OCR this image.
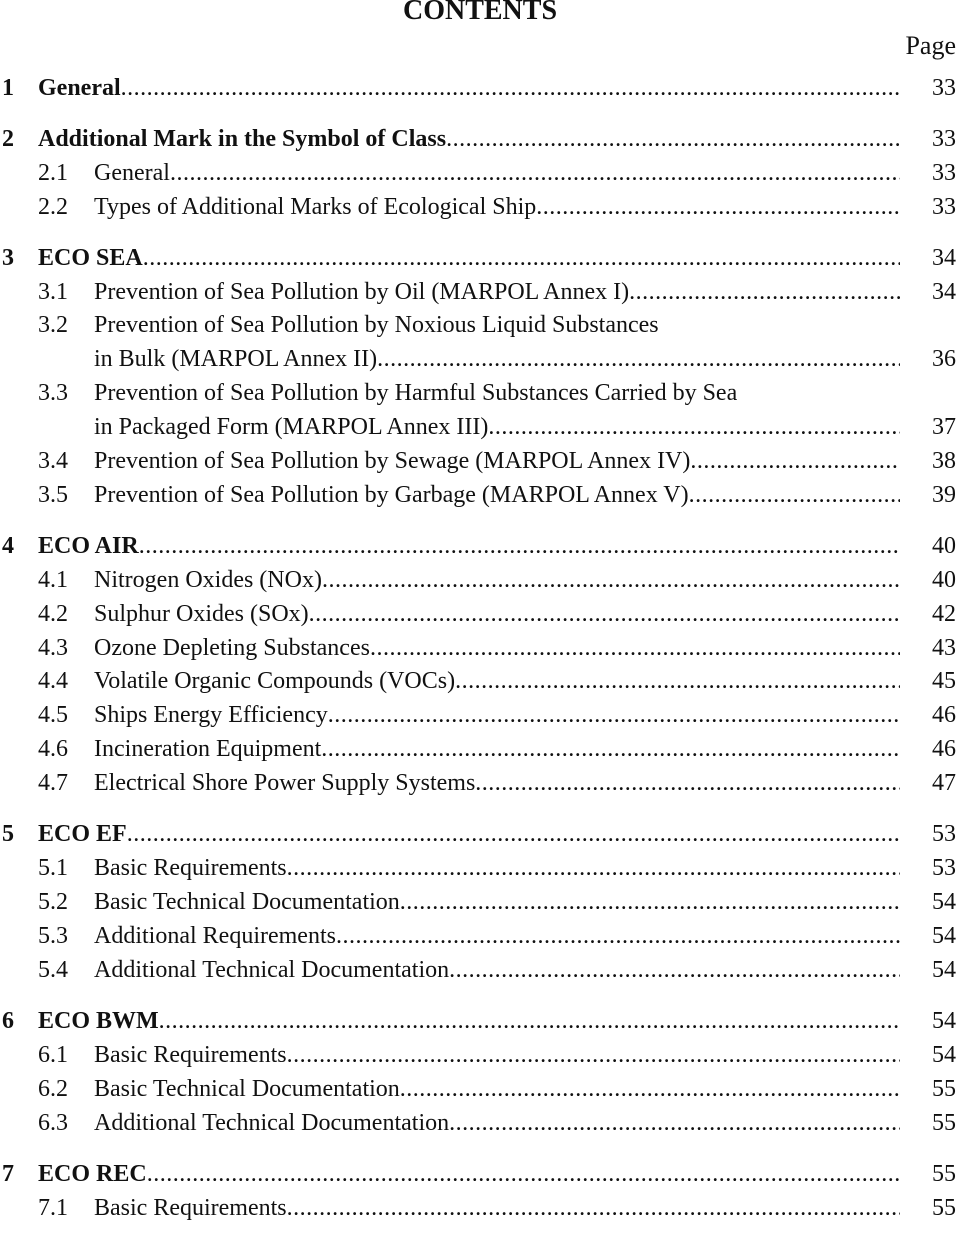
CONTENTS
Page
1 General .....	33
2 Additional Mark in the Symbol of Class .....	33
2.1 General .....	33
2.2 Types of Additional Marks of Ecological Ship .....	33
3 ECO SEA .....	34
3.1 Prevention of Sea Pollution by Oil (MARPOL Annex I) .....	34
3.2 Prevention of Sea Pollution by Noxious Liquid Substances
in Bulk (MARPOL Annex II) .....	36
3.3 Prevention of Sea Pollution by Harmful Substances Carried by Sea
in Packaged Form (MARPOL Annex III) .....	37
3.4 Prevention of Sea Pollution by Sewage (MARPOL Annex IV) .....	38
3.5 Prevention of Sea Pollution by Garbage (MARPOL Annex V) .....	39
4 ECO AIR .....	40
4.1 Nitrogen Oxides (NOx) .....	40
4.2 Sulphur Oxides (SOx) .....	42
4.3 Ozone Depleting Substances .....	43
4.4 Volatile Organic Compounds (VOCs) .....	45
4.5 Ships Energy Efficiency .....	46
4.6 Incineration Equipment .....	46
4.7 Electrical Shore Power Supply Systems .....	47
5 ECO EF .....	53
5.1 Basic Requirements .....	53
5.2 Basic Technical Documentation .....	54
5.3 Additional Requirements .....	54
5.4 Additional Technical Documentation .....	54
6 ECO BWM .....	54
6.1 Basic Requirements .....	54
6.2 Basic Technical Documentation .....	55
6.3 Additional Technical Documentation .....	55
7 ECO REC .....	55
7.1 Basic Requirements .....	55
